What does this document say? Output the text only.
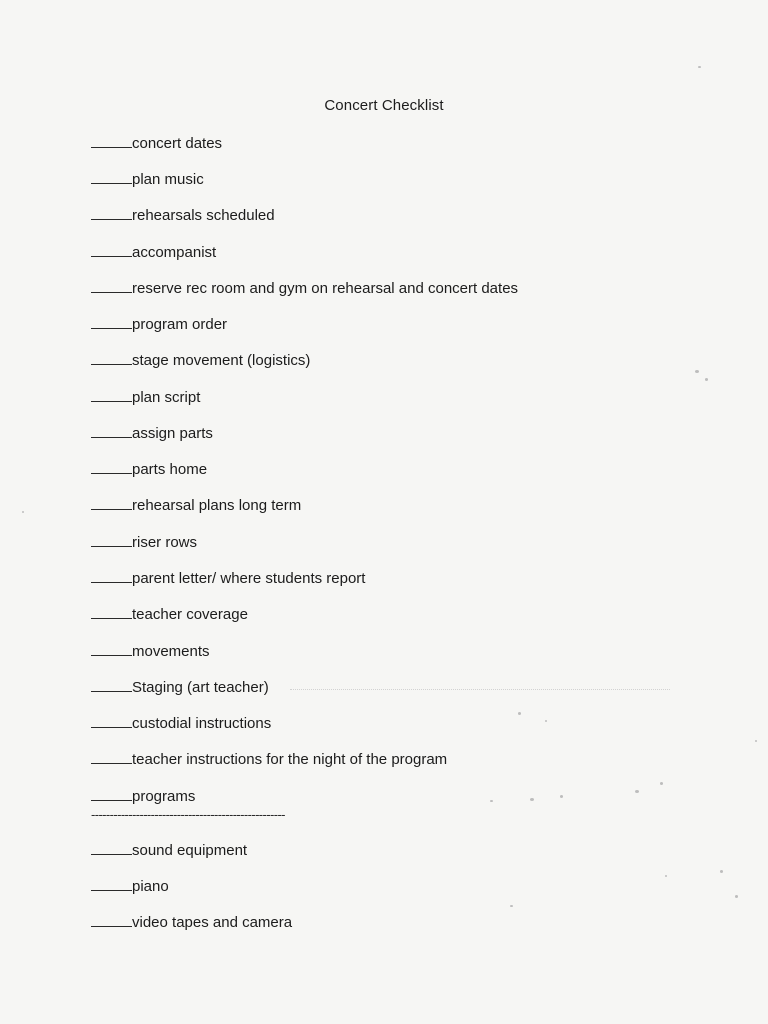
Concert Checklist
concert dates
plan music
rehearsals scheduled
accompanist
reserve rec room and gym on rehearsal and concert dates
program order
stage movement (logistics)
plan script
assign parts
parts home
rehearsal plans long term
riser rows
parent letter/ where students report
teacher coverage
movements
Staging (art teacher)
custodial instructions
teacher instructions for the night of the program
programs
----------------------------------------------------
sound equipment
piano
video tapes and camera
